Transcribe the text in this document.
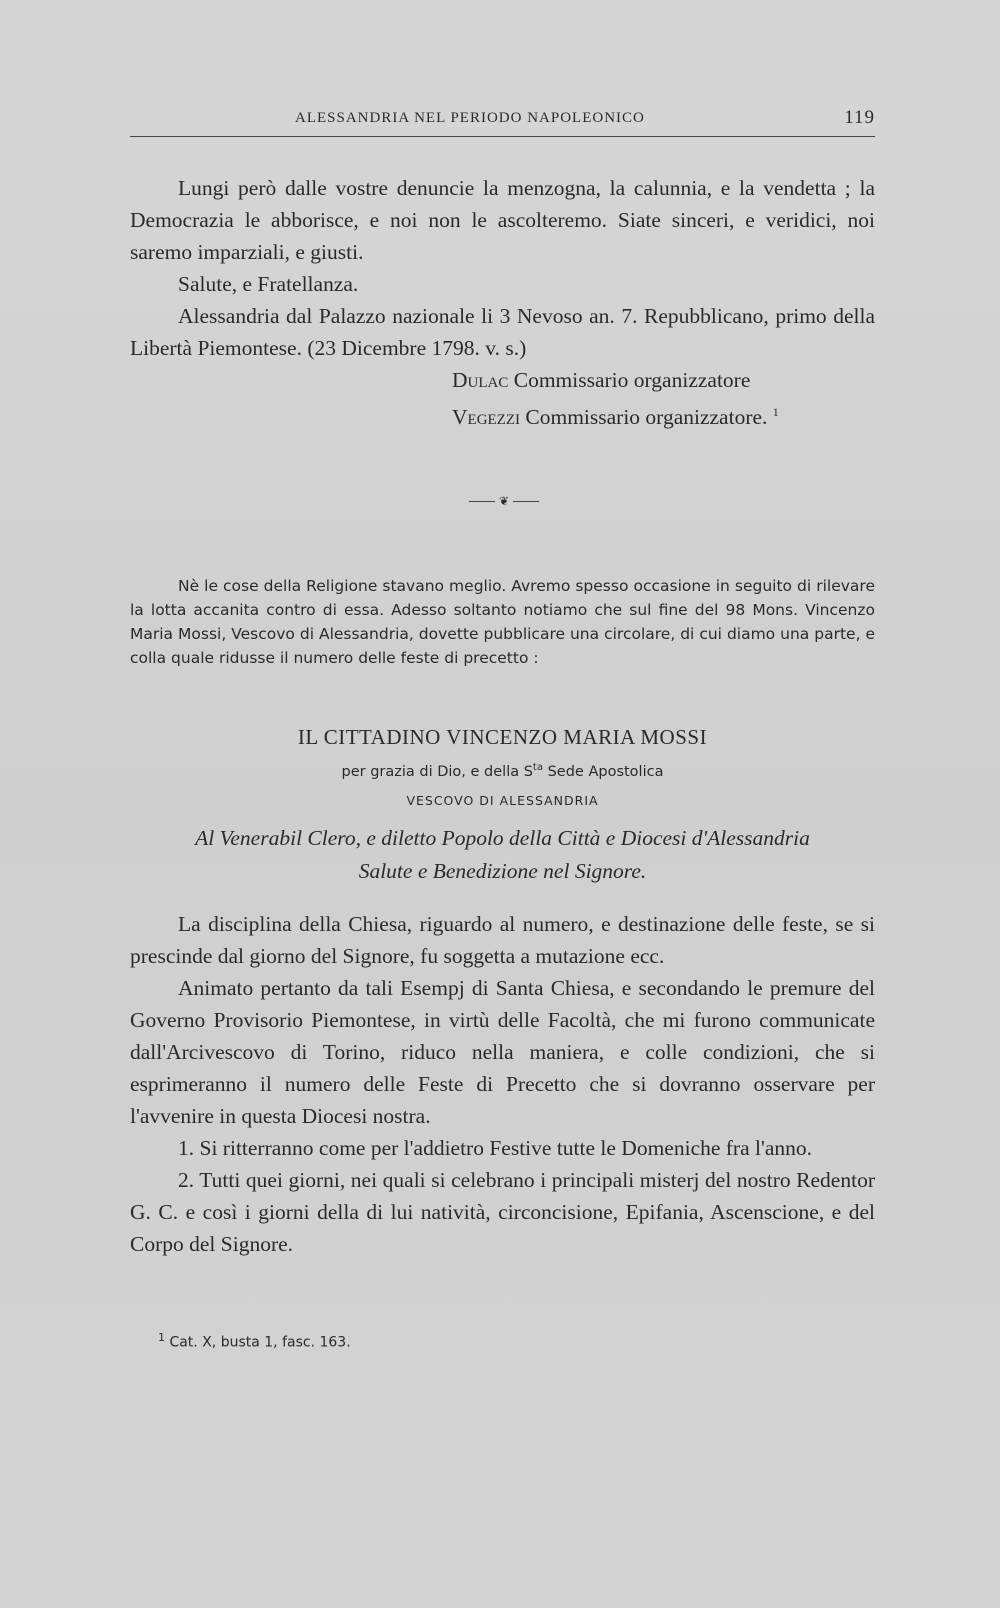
ALESSANDRIA NEL PERIODO NAPOLEONICO	119

Lungi però dalle vostre denuncie la menzogna, la calunnia, e la vendetta ; la Democrazia le abborisce, e noi non le ascolteremo. Siate sinceri, e veridici, noi saremo imparziali, e giusti.

Salute, e Fratellanza.

Alessandria dal Palazzo nazionale li 3 Nevoso an. 7. Repubblicano, primo della Libertà Piemontese. (23 Dicembre 1798. v. s.)

Dulac Commissario organizzatore
Vegezzi Commissario organizzatore. $^1$
❦

Nè le cose della Religione stavano meglio. Avremo spesso occasione in seguito di rilevare la lotta accanita contro di essa. Adesso soltanto notiamo che sul fine del 98 Mons. Vincenzo Maria Mossi, Vescovo di Alessandria, dovette pubblicare una circolare, di cui diamo una parte, e colla quale ridusse il numero delle feste di precetto :

IL CITTADINO VINCENZO MARIA MOSSI
per grazia di Dio, e della $S^{ta}$ Sede Apostolica
VESCOVO DI ALESSANDRIA
Al Venerabil Clero, e diletto Popolo della Città e Diocesi d'Alessandria
Salute e Benedizione nel Signore.

La disciplina della Chiesa, riguardo al numero, e destinazione delle feste, se si prescinde dal giorno del Signore, fu soggetta a mutazione ecc.

Animato pertanto da tali Esempj di Santa Chiesa, e secondando le premure del Governo Provisorio Piemontese, in virtù delle Facoltà, che mi furono communicate dall'Arcivescovo di Torino, riduco nella maniera, e colle condizioni, che si esprimeranno il numero delle Feste di Precetto che si dovranno osservare per l'avvenire in questa Diocesi nostra.

1. Si ritterranno come per l'addietro Festive tutte le Domeniche fra l'anno.

2. Tutti quei giorni, nei quali si celebrano i principali misterj del nostro Redentor G. C. e così i giorni della di lui natività, circoncisione, Epifania, Ascenscione, e del Corpo del Signore.

$^1$ Cat. X, busta 1, fasc. 163.
